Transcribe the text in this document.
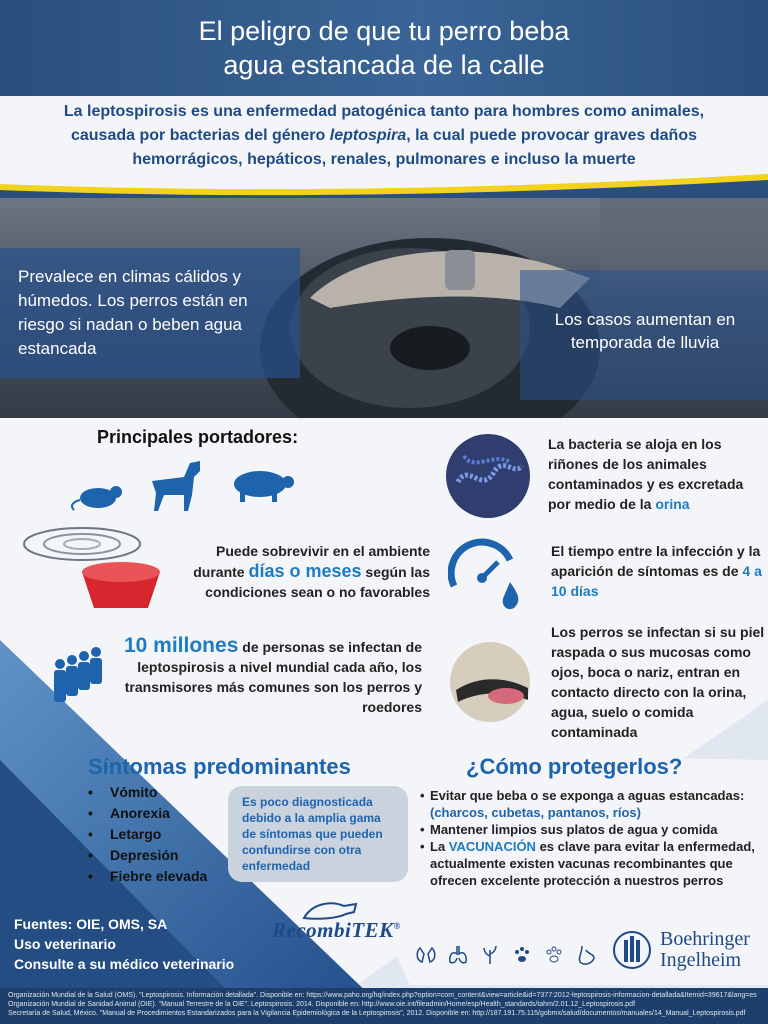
El peligro de que tu perro beba
agua estancada de la calle
La leptospirosis es una enfermedad patogénica tanto para hombres como animales,
causada por bacterias del género leptospira, la cual puede provocar graves daños
hemorrágicos, hepáticos, renales, pulmonares e incluso la muerte
Prevalece en climas cálidos y húmedos. Los perros están en riesgo si nadan o beben agua estancada
Los casos aumentan en temporada de lluvia
Principales portadores:	La bacteria se aloja en los riñones de los animales contaminados y es excretada por medio de la orina
Puede sobrevivir en el ambiente durante días o meses según las condiciones sean o no favorables
El tiempo entre la infección y la aparición de síntomas es de 4 a 10 días
10 millones de personas se infectan de leptospirosis a nivel mundial cada año, los transmisores más comunes son los perros y roedores
Los perros se infectan si su piel raspada o sus mucosas como ojos, boca o nariz, entran en contacto directo con la orina, agua, suelo o comida contaminada
Síntomas predominantes
• Vómito
• Anorexia
• Letargo
• Depresión
• Fiebre elevada
Es poco diagnosticada debido a la amplia gama de síntomas que pueden confundirse con otra enfermedad
¿Cómo protegerlos?
• Evitar que beba o se exponga a aguas estancadas:
(charcos, cubetas, pantanos, ríos)
• Mantener limpios sus platos de agua y comida
• La VACUNACIÓN es clave para evitar la enfermedad, actualmente existen vacunas recombinantes que ofrecen excelente protección a nuestros perros
Fuentes: OIE, OMS, SA
Uso veterinario
Consulte a su médico veterinario
RecombiTEK®
Boehringer
Ingelheim
Organización Mundial de la Salud (OMS). "Leptospirosis. Información detallada". Disponible en: https://www.paho.org/hq/index.php?option=com_content&view=article&id=7377:2012-leptospirosis-informacion-detallada&Itemid=39617&lang=es
Organización Mundial de Sanidad Animal (OIE). "Manual Terrestre de la OIE". Leptospirosis. 2014. Disponible en: http://www.oie.int/fileadmin/Home/esp/Health_standards/tahm/2.01.12_Leptospirosis.pdf
Secretaría de Salud, México. "Manual de Procedimientos Estandarizados para la Vigilancia Epidemiológica de la Leptospirosis", 2012. Disponible en: http://187.191.75.115/gobmx/salud/documentos/manuales/14_Manual_Leptospirosis.pdf
